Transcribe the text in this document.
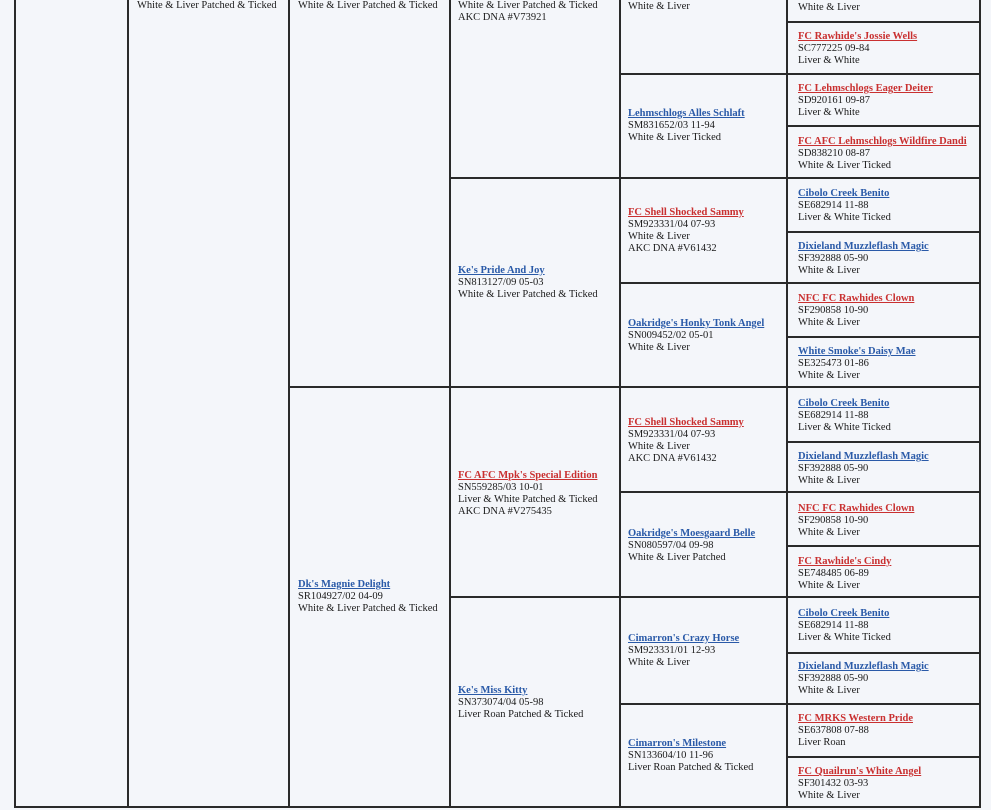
White & Liver Patched & Ticked White & Liver Patched & Ticked
Dk's Magnie Delight
SR104927/02 04-09
White & Liver Patched & Ticked
White & Liver Patched & Ticked
AKC DNA #V73921
Ke's Pride And Joy
SN813127/09 05-03
White & Liver Patched & Ticked
FC AFC Mpk's Special Edition
SN559285/03 10-01
Liver & White Patched & Ticked
AKC DNA #V275435
Ke's Miss Kitty
SN373074/04 05-98
Liver Roan Patched & Ticked
White & Liver
Lehmschlogs Alles Schlaft
SM831652/03 11-94
White & Liver Ticked
FC Shell Shocked Sammy
SM923331/04 07-93
White & Liver
AKC DNA #V61432
Oakridge's Honky Tonk Angel
SN009452/02 05-01
White & Liver
FC Shell Shocked Sammy
SM923331/04 07-93
White & Liver
AKC DNA #V61432
Oakridge's Moesgaard Belle
SN080597/04 09-98
White & Liver Patched
Cimarron's Crazy Horse
SM923331/01 12-93
White & Liver
Cimarron's Milestone
SN133604/10 11-96
Liver Roan Patched & Ticked
White & Liver
FC Rawhide's Jossie Wells
SC777225 09-84
Liver & White
FC Lehmschlogs Eager Deiter
SD920161 09-87
Liver & White
FC AFC Lehmschlogs Wildfire Dandi
SD838210 08-87
White & Liver Ticked
Cibolo Creek Benito
SE682914 11-88
Liver & White Ticked
Dixieland Muzzleflash Magic
SF392888 05-90
White & Liver
NFC FC Rawhides Clown
SF290858 10-90
White & Liver
White Smoke's Daisy Mae
SE325473 01-86
White & Liver
Cibolo Creek Benito
SE682914 11-88
Liver & White Ticked
Dixieland Muzzleflash Magic
SF392888 05-90
White & Liver
NFC FC Rawhides Clown
SF290858 10-90
White & Liver
FC Rawhide's Cindy
SE748485 06-89
White & Liver
Cibolo Creek Benito
SE682914 11-88
Liver & White Ticked
Dixieland Muzzleflash Magic
SF392888 05-90
White & Liver
FC MRKS Western Pride
SE637808 07-88
Liver Roan
FC Quailrun's White Angel
SF301432 03-93
White & Liver
